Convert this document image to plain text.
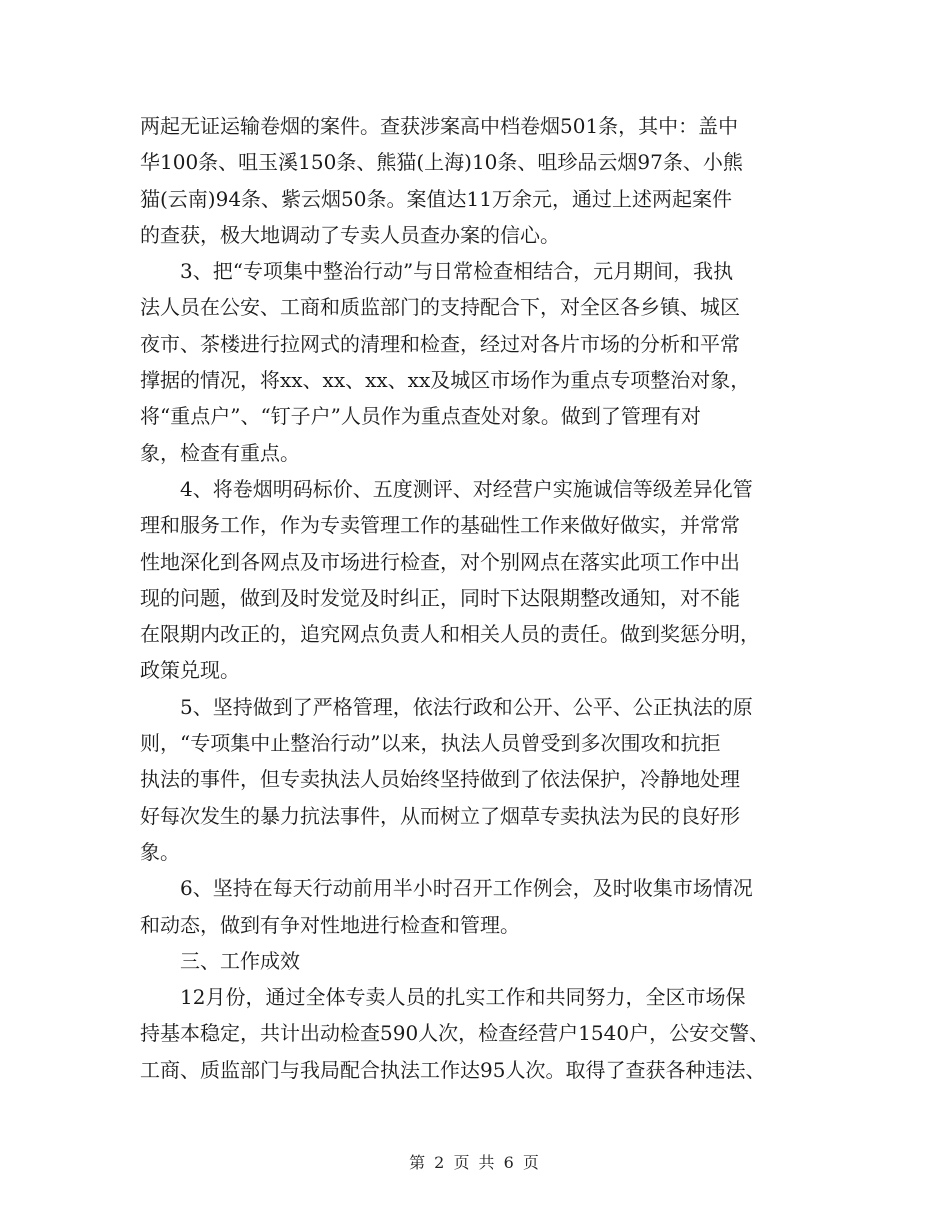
两起无证运输卷烟的案件。查获涉案高中档卷烟501条，其中：盖中
华100条、咀玉溪150条、熊猫(上海)10条、咀珍品云烟97条、小熊
猫(云南)94条、紫云烟50条。案值达11万余元，通过上述两起案件
的查获，极大地调动了专卖人员查办案的信心。
　　3、把“专项集中整治行动”与日常检查相结合，元月期间，我执
法人员在公安、工商和质监部门的支持配合下，对全区各乡镇、城区
夜市、茶楼进行拉网式的清理和检查，经过对各片市场的分析和平常
撑据的情况，将xx、xx、xx、xx及城区市场作为重点专项整治对象，
将“重点户”、“钉子户”人员作为重点查处对象。做到了管理有对
象，检查有重点。
　　4、将卷烟明码标价、五度测评、对经营户实施诚信等级差异化管
理和服务工作，作为专卖管理工作的基础性工作来做好做实，并常常
性地深化到各网点及市场进行检查，对个别网点在落实此项工作中出
现的问题，做到及时发觉及时纠正，同时下达限期整改通知，对不能
在限期内改正的，追究网点负责人和相关人员的责任。做到奖惩分明，
政策兑现。
　　5、坚持做到了严格管理，依法行政和公开、公平、公正执法的原
则，“专项集中止整治行动”以来，执法人员曾受到多次围攻和抗拒
执法的事件，但专卖执法人员始终坚持做到了依法保护，冷静地处理
好每次发生的暴力抗法事件，从而树立了烟草专卖执法为民的良好形
象。
　　6、坚持在每天行动前用半小时召开工作例会，及时收集市场情况
和动态，做到有争对性地进行检查和管理。
　　三、工作成效
　　12月份，通过全体专卖人员的扎实工作和共同努力，全区市场保
持基本稳定，共计出动检查590人次，检查经营户1540户，公安交警、
工商、质监部门与我局配合执法工作达95人次。取得了查获各种违法、
第 2 页 共 6 页
